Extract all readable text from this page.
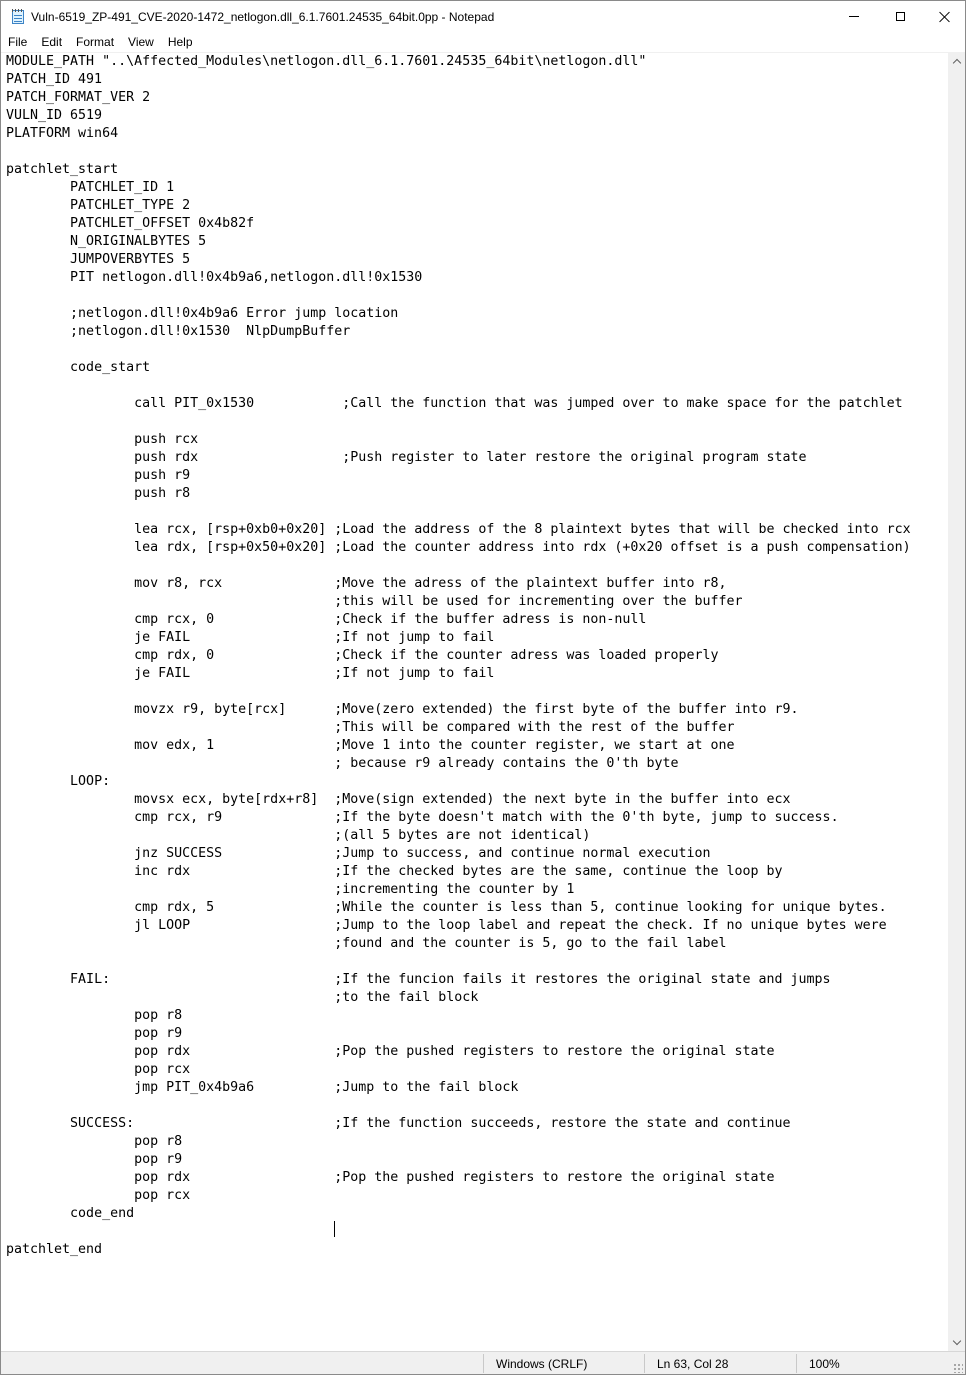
Vuln-6519_ZP-491_CVE-2020-1472_netlogon.dll_6.1.7601.24535_64bit.0pp - Notepad
File	Edit	Format	View	Help
MODULE_PATH "..\Affected_Modules\netlogon.dll_6.1.7601.24535_64bit\netlogon.dll"
PATCH_ID 491
PATCH_FORMAT_VER 2
VULN_ID 6519
PLATFORM win64

patchlet_start
	PATCHLET_ID 1
	PATCHLET_TYPE 2
	PATCHLET_OFFSET 0x4b82f
	N_ORIGINALBYTES 5
	JUMPOVERBYTES 5
	PIT netlogon.dll!0x4b9a6,netlogon.dll!0x1530

	;netlogon.dll!0x4b9a6 Error jump location
	;netlogon.dll!0x1530  NlpDumpBuffer

	code_start

		call PIT_0x1530           ;Call the function that was jumped over to make space for the patchlet

		push rcx
		push rdx                  ;Push register to later restore the original program state
		push r9
		push r8

		lea rcx, [rsp+0xb0+0x20] ;Load the address of the 8 plaintext bytes that will be checked into rcx
		lea rdx, [rsp+0x50+0x20] ;Load the counter address into rdx (+0x20 offset is a push compensation)

		mov r8, rcx              ;Move the adress of the plaintext buffer into r8,
		;this will be used for incrementing over the buffer
		cmp rcx, 0               ;Check if the buffer adress is non-null
		je FAIL                  ;If not jump to fail
		cmp rdx, 0               ;Check if the counter adress was loaded properly
		je FAIL                  ;If not jump to fail

		movzx r9, byte[rcx]      ;Move(zero extended) the first byte of the buffer into r9.
		;This will be compared with the rest of the buffer
		mov edx, 1               ;Move 1 into the counter register, we start at one
		; because r9 already contains the 0'th byte
	LOOP:
		movsx ecx, byte[rdx+r8]  ;Move(sign extended) the next byte in the buffer into ecx
		cmp rcx, r9              ;If the byte doesn't match with the 0'th byte, jump to success.
		;(all 5 bytes are not identical)
		jnz SUCCESS              ;Jump to success, and continue normal execution
		inc rdx                  ;If the checked bytes are the same, continue the loop by
		;incrementing the counter by 1
		cmp rdx, 5               ;While the counter is less than 5, continue looking for unique bytes.
		jl LOOP                  ;Jump to the loop label and repeat the check. If no unique bytes were
		;found and the counter is 5, go to the fail label

	FAIL:                            ;If the funcion fails it restores the original state and jumps
	;to the fail block
		pop r8
		pop r9
		pop rdx                  ;Pop the pushed registers to restore the original state
		pop rcx
		jmp PIT_0x4b9a6          ;Jump to the fail block

	SUCCESS:                         ;If the function succeeds, restore the state and continue
		pop r8
		pop r9
		pop rdx                  ;Pop the pushed registers to restore the original state
		pop rcx
	code_end

patchlet_end
Windows (CRLF)	Ln 63, Col 28	100%
